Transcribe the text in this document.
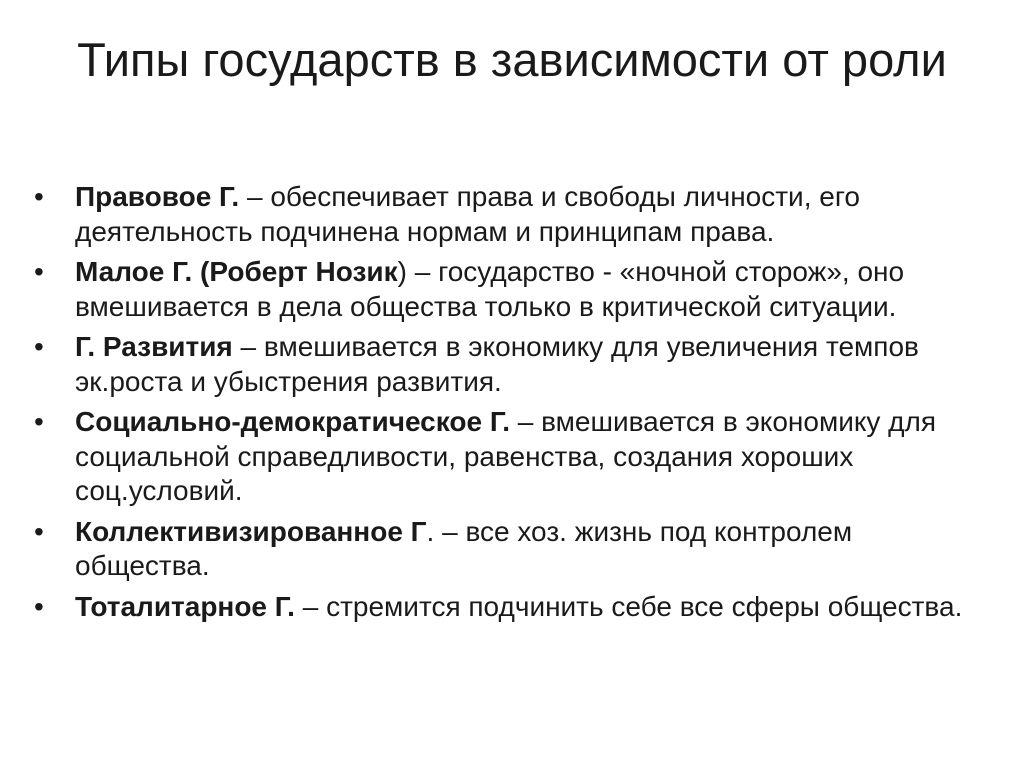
Типы государств в зависимости от роли
•	Правовое Г. – обеспечивает права и свободы личности, его деятельность подчинена нормам и принципам права.
•	Малое Г. (Роберт Нозик) – государство - «ночной сторож», оно вмешивается в дела общества только в критической ситуации.
•	Г. Развития – вмешивается в экономику для увеличения темпов эк.роста и убыстрения развития.
•	Социально-демократическое Г. – вмешивается в экономику для социальной справедливости, равенства, создания хороших соц.условий.
•	Коллективизированное Г. – все хоз. жизнь под контролем общества.
•	Тоталитарное Г. – стремится подчинить себе все сферы общества.
